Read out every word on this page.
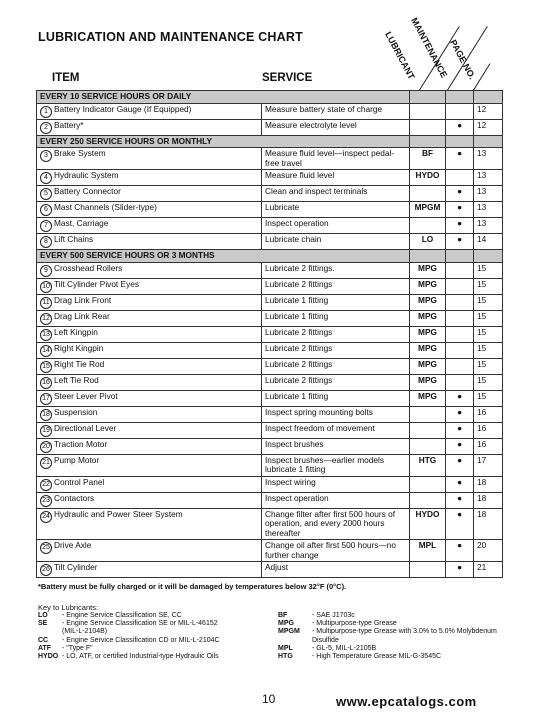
LUBRICATION AND MAINTENANCE CHART	LUBRICANT
MAINTENANCE
PAGE NO.
ITEM	SERVICE
EVERY 10 SERVICE HOURS OR DAILY				
1 Battery Indicator Gauge (If Equipped)	Measure battery state of charge			12
2 Battery*	Measure electrolyte level		●	12
EVERY 250 SERVICE HOURS OR MONTHLY				
3 Brake System	Measure fluid level—inspect pedal-free travel	BF	●	13
4 Hydraulic System	Measure fluid level	HYDO		13
5 Battery Connector	Clean and inspect terminals		●	13
6 Mast Channels (Slider-type)	Lubricate	MPGM	●	13
7 Mast, Carriage	Inspect operation		●	13
8 Lift Chains	Lubricate chain	LO	●	14
EVERY 500 SERVICE HOURS OR 3 MONTHS				
9 Crosshead Rollers	Lubricate 2 fittings.	MPG		15
10 Tilt Cylinder Pivot Eyes	Lubricate 2 fittings	MPG		15
11 Drag Link Front	Lubricate 1 fitting	MPG		15
12 Drag Link Rear	Lubricate 1 fitting	MPG		15
13 Left Kingpin	Lubricate 2 fittings	MPG		15
14 Right Kingpin	Lubricate 2 fittings	MPG		15
15 Right Tie Rod	Lubricate 2 fittings	MPG		15
16 Left Tie Rod	Lubricate 2 fittings	MPG		15
17 Steer Lever Pivot	Lubricate 1 fitting	MPG	●	15
18 Suspension	Inspect spring mounting bolts		●	16
19 Directional Lever	Inspect freedom of movement		●	16
20 Traction Motor	Inspect brushes		●	16
21 Pump Motor	Inspect brushes—earlier models lubricate 1 fitting	HTG	●	17
22 Control Panel	Inspect wiring		●	18
23 Contactors	Inspect operation		●	18
24 Hydraulic and Power Steer System	Change filter after first 500 hours of operation, and every 2000 hours thereafter	HYDO	●	18
25 Drive Axle	Change oil after first 500 hours—no further change	MPL	●	20
26 Tilt Cylinder	Adjust		●	21
*Battery must be fully charged or it will be damaged by temperatures below 32°F (0°C).
Key to Lubricants:
LO - Engine Service Classification SE, CC
SE - Engine Service Classification SE or MIL-L-46152
(MIL-L-2104B)
CC - Engine Service Classification CD or MIL-L-2104C
ATF - "Type F"
HYDO - LO, ATF, or certified Industrial-type Hydraulic Oils
BF	- SAE J1703c
MPG	- Multipurpose-type Grease
MPGM - Multipurpose-type Grease with 3.0% to 5.0% Molybdenum
Disulfide
MPL	- GL-5, MIL-L-2105B
HTG	- High Temperature Grease MIL-G-3545C
10	www.epcatalogs.com
